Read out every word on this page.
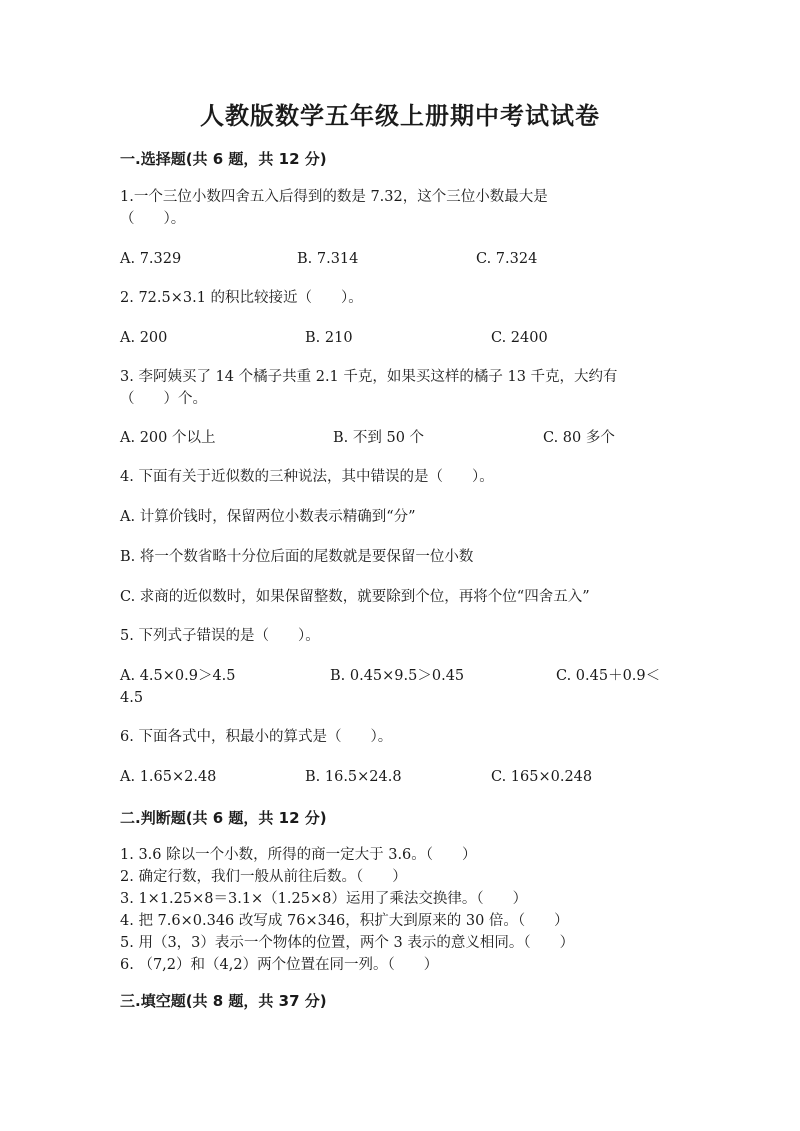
人教版数学五年级上册期中考试试卷
一.选择题(共 6 题，共 12 分)
1.一个三位小数四舍五入后得到的数是 7.32，这个三位小数最大是
（　　）。
A. 7.329	B. 7.314	C. 7.324
2. 72.5×3.1 的积比较接近（　　）。
A. 200	B. 210	C. 2400
3. 李阿姨买了 14 个橘子共重 2.1 千克，如果买这样的橘子 13 千克，大约有
（　　）个。
A. 200 个以上	B. 不到 50 个	C. 80 多个
4. 下面有关于近似数的三种说法，其中错误的是（　　）。
A. 计算价钱时，保留两位小数表示精确到“分”
B. 将一个数省略十分位后面的尾数就是要保留一位小数
C. 求商的近似数时，如果保留整数，就要除到个位，再将个位“四舍五入”
5. 下列式子错误的是（　　）。
A. 4.5×0.9＞4.5	B. 0.45×9.5＞0.45	C. 0.45＋0.9＜
4.5
6. 下面各式中，积最小的算式是（　　）。
A. 1.65×2.48	B. 16.5×24.8	C. 165×0.248
二.判断题(共 6 题，共 12 分)
1. 3.6 除以一个小数，所得的商一定大于 3.6。（　　）
2. 确定行数，我们一般从前往后数。（　　）
3. 1×1.25×8＝3.1×（1.25×8）运用了乘法交换律。（　　）
4. 把 7.6×0.346 改写成 76×346，积扩大到原来的 30 倍。（　　）
5. 用（3，3）表示一个物体的位置，两个 3 表示的意义相同。（　　）
6. （7,2）和（4,2）两个位置在同一列。（　　）
三.填空题(共 8 题，共 37 分)
